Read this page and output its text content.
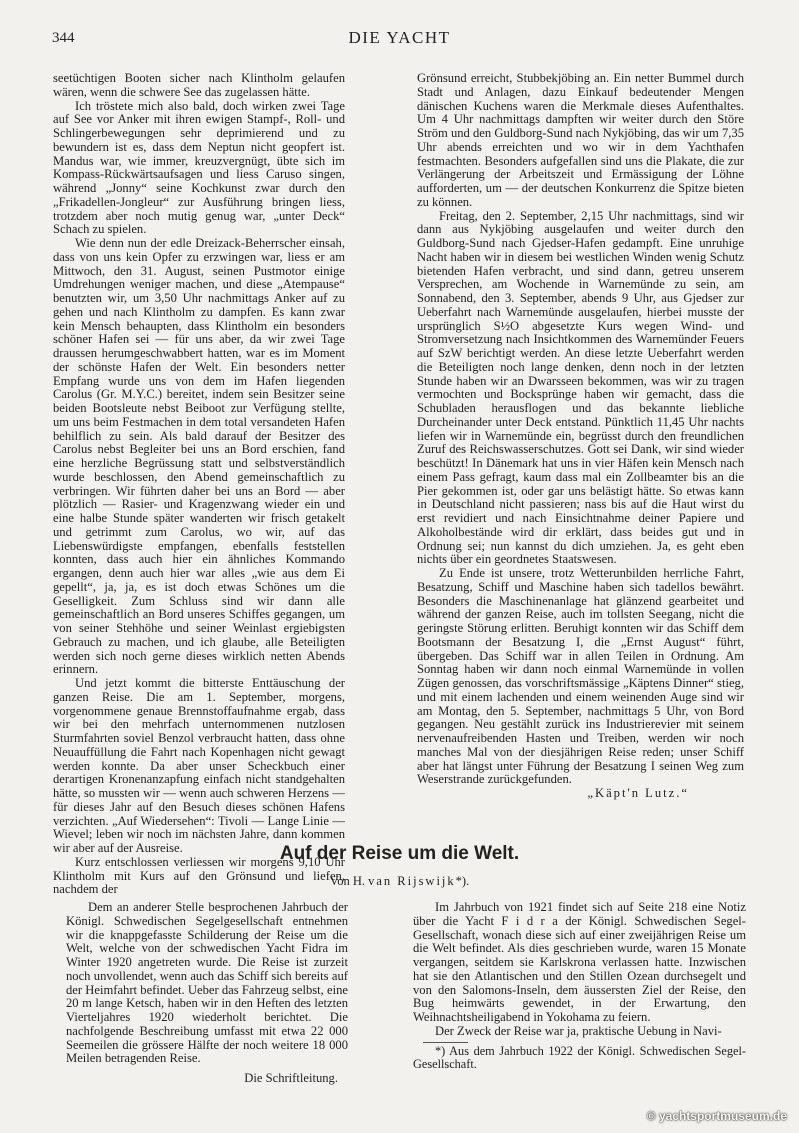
344	DIE YACHT

seetüchtigen Booten sicher nach Klintholm gelaufen wären, wenn die schwere See das zugelassen hätte.

Ich tröstete mich also bald, doch wirken zwei Tage auf See vor Anker mit ihren ewigen Stampf-, Roll- und Schlingerbewegungen sehr deprimierend und zu bewundern ist es, dass dem Neptun nicht geopfert ist. Mandus war, wie immer, kreuzvergnügt, übte sich im Kompass-Rückwärtsaufsagen und liess Caruso singen, während „Jonny“ seine Kochkunst zwar durch den „Frikadellen-Jongleur“ zur Ausführung bringen liess, trotzdem aber noch mutig genug war, „unter Deck“ Schach zu spielen.

Wie denn nun der edle Dreizack-Beherrscher einsah, dass von uns kein Opfer zu erzwingen war, liess er am Mittwoch, den 31. August, seinen Pustmotor einige Umdrehungen weniger machen, und diese „Atempause“ benutzten wir, um 3,50 Uhr nachmittags Anker auf zu gehen und nach Klintholm zu dampfen. Es kann zwar kein Mensch behaupten, dass Klintholm ein besonders schöner Hafen sei — für uns aber, da wir zwei Tage draussen herumgeschwabbert hatten, war es im Moment der schönste Hafen der Welt. Ein besonders netter Empfang wurde uns von dem im Hafen liegenden Carolus (Gr. M.Y.C.) bereitet, indem sein Besitzer seine beiden Bootsleute nebst Beiboot zur Verfügung stellte, um uns beim Festmachen in dem total versandeten Hafen behilflich zu sein. Als bald darauf der Besitzer des Carolus nebst Begleiter bei uns an Bord erschien, fand eine herzliche Begrüssung statt und selbstverständlich wurde beschlossen, den Abend gemeinschaftlich zu verbringen. Wir führten daher bei uns an Bord — aber plötzlich — Rasier- und Kragenzwang wieder ein und eine halbe Stunde später wanderten wir frisch getakelt und getrimmt zum Carolus, wo wir, auf das Liebenswürdigste empfangen, ebenfalls feststellen konnten, dass auch hier ein ähnliches Kommando ergangen, denn auch hier war alles „wie aus dem Ei gepellt“, ja, ja, es ist doch etwas Schönes um die Geselligkeit. Zum Schluss sind wir dann alle gemeinschaftlich an Bord unseres Schiffes gegangen, um von seiner Stehhöhe und seiner Weinlast ergiebigsten Gebrauch zu machen, und ich glaube, alle Beteiligten werden sich noch gerne dieses wirklich netten Abends erinnern.

Und jetzt kommt die bitterste Enttäuschung der ganzen Reise. Die am 1. September, morgens, vorgenommene genaue Brennstoffaufnahme ergab, dass wir bei den mehrfach unternommenen nutzlosen Sturmfahrten soviel Benzol verbraucht hatten, dass ohne Neuauffüllung die Fahrt nach Kopenhagen nicht gewagt werden konnte. Da aber unser Scheckbuch einer derartigen Kronenanzapfung einfach nicht standgehalten hätte, so mussten wir — wenn auch schweren Herzens — für dieses Jahr auf den Besuch dieses schönen Hafens verzichten. „Auf Wiedersehen“: Tivoli — Lange Linie — Wievel; leben wir noch im nächsten Jahre, dann kommen wir aber auf der Ausreise.

Kurz entschlossen verliessen wir morgens 9,10 Uhr Klintholm mit Kurs auf den Grönsund und liefen, nachdem der

Grönsund erreicht, Stubbekjöbing an. Ein netter Bummel durch Stadt und Anlagen, dazu Einkauf bedeutender Mengen dänischen Kuchens waren die Merkmale dieses Aufenthaltes. Um 4 Uhr nachmittags dampften wir weiter durch den Störe Ström und den Guldborg-Sund nach Nykjöbing, das wir um 7,35 Uhr abends erreichten und wo wir in dem Yachthafen festmachten. Besonders aufgefallen sind uns die Plakate, die zur Verlängerung der Arbeitszeit und Ermässigung der Löhne aufforderten, um — der deutschen Konkurrenz die Spitze bieten zu können.

Freitag, den 2. September, 2,15 Uhr nachmittags, sind wir dann aus Nykjöbing ausgelaufen und weiter durch den Guldborg-Sund nach Gjedser-Hafen gedampft. Eine unruhige Nacht haben wir in diesem bei westlichen Winden wenig Schutz bietenden Hafen verbracht, und sind dann, getreu unserem Versprechen, am Wochende in Warnemünde zu sein, am Sonnabend, den 3. September, abends 9 Uhr, aus Gjedser zur Ueberfahrt nach Warnemünde ausgelaufen, hierbei musste der ursprünglich S½O abgesetzte Kurs wegen Wind- und Stromversetzung nach Insichtkommen des Warnemünder Feuers auf SzW berichtigt werden. An diese letzte Ueberfahrt werden die Beteiligten noch lange denken, denn noch in der letzten Stunde haben wir an Dwarsseen bekommen, was wir zu tragen vermochten und Bocksprünge haben wir gemacht, dass die Schubladen herausflogen und das bekannte liebliche Durcheinander unter Deck entstand. Pünktlich 11,45 Uhr nachts liefen wir in Warnemünde ein, begrüsst durch den freundlichen Zuruf des Reichswasserschutzes. Gott sei Dank, wir sind wieder beschützt! In Dänemark hat uns in vier Häfen kein Mensch nach einem Pass gefragt, kaum dass mal ein Zollbeamter bis an die Pier gekommen ist, oder gar uns belästigt hätte. So etwas kann in Deutschland nicht passieren; nass bis auf die Haut wirst du erst revidiert und nach Einsichtnahme deiner Papiere und Alkoholbestände wird dir erklärt, dass beides gut und in Ordnung sei; nun kannst du dich umziehen. Ja, es geht eben nichts über ein geordnetes Staatswesen.

Zu Ende ist unsere, trotz Wetterunbilden herrliche Fahrt, Besatzung, Schiff und Maschine haben sich tadellos bewährt. Besonders die Maschinenanlage hat glänzend gearbeitet und während der ganzen Reise, auch im tollsten Seegang, nicht die geringste Störung erlitten. Beruhigt konnten wir das Schiff dem Bootsmann der Besatzung I, die „Ernst August“ führt, übergeben. Das Schiff war in allen Teilen in Ordnung. Am Sonntag haben wir dann noch einmal Warnemünde in vollen Zügen genossen, das vorschriftsmässige „Käptens Dinner“ stieg, und mit einem lachenden und einem weinenden Auge sind wir am Montag, den 5. September, nachmittags 5 Uhr, von Bord gegangen. Neu gestählt zurück ins Industrierevier mit seinem nervenaufreibenden Hasten und Treiben, werden wir noch manches Mal von der diesjährigen Reise reden; unser Schiff aber hat längst unter Führung der Besatzung I seinen Weg zum Weserstrande zurückgefunden.

„Käpt'n Lutz.“

Auf der Reise um die Welt.
Von H. van Rijswijk*).

Dem an anderer Stelle besprochenen Jahrbuch der Königl. Schwedischen Segelgesellschaft entnehmen wir die knappgefasste Schilderung der Reise um die Welt, welche von der schwedischen Yacht Fidra im Winter 1920 angetreten wurde. Die Reise ist zurzeit noch unvollendet, wenn auch das Schiff sich bereits auf der Heimfahrt befindet. Ueber das Fahrzeug selbst, eine 20 m lange Ketsch, haben wir in den Heften des letzten Vierteljahres 1920 wiederholt berichtet. Die nachfolgende Beschreibung umfasst mit etwa 22 000 Seemeilen die grössere Hälfte der noch weitere 18 000 Meilen betragenden Reise.

Die Schriftleitung.

Im Jahrbuch von 1921 findet sich auf Seite 218 eine Notiz über die Yacht F i d r a der Königl. Schwedischen Segel-Gesellschaft, wonach diese sich auf einer zweijährigen Reise um die Welt befindet. Als dies geschrieben wurde, waren 15 Monate vergangen, seitdem sie Karlskrona verlassen hatte. Inzwischen hat sie den Atlantischen und den Stillen Ozean durchsegelt und von den Salomons-Inseln, dem äussersten Ziel der Reise, den Bug heimwärts gewendet, in der Erwartung, den Weihnachtsheiligabend in Yokohama zu feiern.

Der Zweck der Reise war ja, praktische Uebung in Navi-

*) Aus dem Jahrbuch 1922 der Königl. Schwedischen Segel-Gesellschaft.

© yachtsportmuseum.de
